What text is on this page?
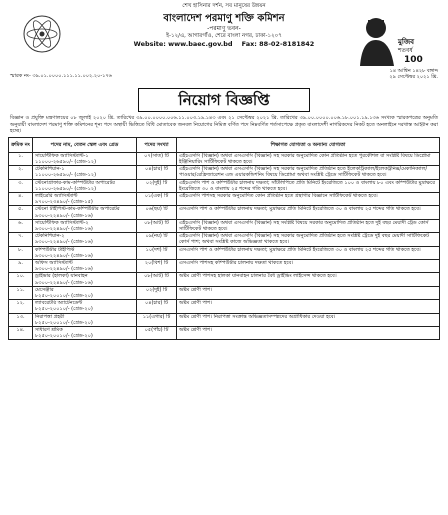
শেখ হাসিনার দর্শন, সব মানুষের উন্নয়ন
বাংলাদেশ পরমাণু শক্তি কমিশন
-পরমাণু ভবন-
ই-১২/এ, আগারগাঁও, শেরে বাংলা নগর, ঢাকা-১২০৭
Website: www.baec.gov.bd Fax: 88-02-8181842	মুজিব
শতবর্ষ
100
স্মারক নং- ৩৯.০১.০০০০.১১১.১১.০০২.২০-১৭৬
১৪ আশ্বিন ১৪২৮ বঙ্গাব্দ
২৯ সেপ্টেম্বর ২০২১ খ্রি.
নিয়োগ বিজ্ঞপ্তি
বিজ্ঞান ও প্রযুক্তি মন্ত্রণালয়ের ০৮ জুলাই ২০২০ খ্রি. তারিখের ৩৯.০০.০০০০.০০৬.১১.০০৩.১৯.১৪৩ এবং ২১ সেপ্টেম্বর ২০২১ খ্রি. তারিখের ৩৯.০০.০০০০.০০৬.১৮.০০১.১৯.১৩৬ সংখ্যক স্মারকপত্রের অনুমতি অনুযায়ী বাংলাদেশ পরমাণু শক্তি কমিশনের শূন্য পদে অস্থায়ী ভিত্তিতে বিধি মোতাবেক জনবল নিয়োগের নিমিত্ত বর্ণিত পদে নিম্নবর্ণিত শর্তসাপেক্ষে প্রকৃত বাংলাদেশী নাগরিকদের নিকট হতে অনলাইনে দরখাস্ত আহ্বান করা হচ্ছে।
ক্রমিক নং	পদের নাম, বেতন স্কেল এবং গ্রেড	পদের সংখ্যা	শিক্ষাগত যোগ্যতা ও অন্যান্য যোগ্যতা
১.	সায়েন্টিফিক অ্যাসিস্ট্যান্ট-১
১১০০০-২৬৫৯০/- (গ্রেড-১২)	০৭(সাত) টি	এইচএসসি (বিজ্ঞান) অথবা এসএসসি (বিজ্ঞান) সহ সরকার অনুমোদিত কোন প্রতিষ্ঠান হতে পুরকৌশল বা সংশ্লিষ্ট বিষয়ে ডিপ্লোমা ইঞ্জিনিয়ারিং সার্টিফিকেট থাকতে হবে।
২.	টেকনিশিয়ান-১
১১০০০-২৬৫৯০/- (গ্রেড-১২)	০৪(চার) টি	এইচএসসি (বিজ্ঞান) অথবা এসএসসি (বিজ্ঞান) সহ সরকার অনুমোদিত প্রতিষ্ঠান হতে ইলেকট্রিক্যাল/ইলেকট্রনিক্স/মেকানিক্যাল/পাওয়ার/রেফ্রিজারেশন এন্ড এয়ারকন্ডিশনিং বিষয়ে ডিপ্লোমা অথবা সংশ্লিষ্ট ট্রেডে সার্টিফিকেট থাকতে হবে।
৩.	স্টেনোগ্রাফার-কাম-কম্পিউটার অপারেটর
১১০০০-২৬৫৯০/- (গ্রেড-১২)	০২(দুই) টি	এইচএসসি পাশ ও কম্পিউটার চালনায় দক্ষতা; সাঁটলিপিতে প্রতি মিনিটে ইংরেজিতে ১০০ ও বাংলায় ৮০ এবং কম্পিউটার মুদ্রাক্ষরে ইংরেজিতে ৩০ ও বাংলায় ২৫ শব্দের গতি থাকতে হবে।
৪.	লাইব্রেরি অ্যাসিস্ট্যান্ট
৯৭০০-২৩৪৯০/- (গ্রেড-১৫)	০১(এক) টি	এইচএসসি পাশসহ সরকার অনুমোদিত কোন প্রতিষ্ঠান হতে গ্রন্থাগার বিজ্ঞানে সার্টিফিকেট থাকতে হবে।
৫.	স্টেনো টাইপিস্ট-কাম-কম্পিউটার অপারেটর
৯৩০০-২২৪৯০/- (গ্রেড-১৬)	০৬(ছয়) টি	এসএসসি পাশ ও কম্পিউটার চালনায় দক্ষতা; মুদ্রাক্ষরে প্রতি মিনিটে ইংরেজিতে ৩০ ও বাংলায় ২৫ শব্দের গতি থাকতে হবে।
৬.	সায়েন্টিফিক অ্যাসিস্ট্যান্ট-২
৯৩০০-২২৪৯০/- (গ্রেড-১৬)	০৮(আট) টি	এইচএসসি (বিজ্ঞান) অথবা এসএসসি (বিজ্ঞান) সহ সংশ্লিষ্ট বিষয়ে সরকার অনুমোদিত প্রতিষ্ঠান হতে দুই বছর মেয়াদী ট্রেড কোর্স সার্টিফিকেট থাকতে হবে।
৭.	টেকনিশিয়ান-২
৯৩০০-২২৪৯০/- (গ্রেড-১৬)	০৯(নয়) টি	এইচএসসি (বিজ্ঞান) অথবা এসএসসি (বিজ্ঞান) সহ সরকার অনুমোদিত প্রতিষ্ঠান হতে সংশ্লিষ্ট ট্রেডে দুই বছর মেয়াদী সার্টিফিকেট কোর্স পাশ; অথবা সংশ্লিষ্ট কাজে অভিজ্ঞতা থাকতে হবে।
৮.	কম্পিউটার টাইপিস্ট
৯৩০০-২২৪৯০/- (গ্রেড-১৬)	১০(দশ) টি	এসএসসি পাশ ও কম্পিউটার চালনায় দক্ষতা; মুদ্রাক্ষরে প্রতি মিনিটে ইংরেজিতে ৩০ ও বাংলায় ২৫ শব্দের গতি থাকতে হবে।
৯.	অফিস অ্যাসিস্ট্যান্ট
৯৩০০-২২৪৯০/- (গ্রেড-১৬)	২০(বিশ) টি	এসএসসি পাশসহ কম্পিউটার চালনায় দক্ষতা থাকতে হবে।
১০.	ড্রাইভার (হালকা) যানবাহন
৯৩০০-২২৪৯০/- (গ্রেড-১৬)	০৮(আট) টি	অষ্টম শ্রেণী পাশসহ হালকা যানবাহন চালনার বৈধ ড্রাইভিং লাইসেন্স থাকতে হবে।
১১.	মেসেঞ্জার
৮২৫০-২০০১০/- (গ্রেড-২০)	০২(দুই) টি	অষ্টম শ্রেণী পাশ।
১২.	ল্যাবরেটরি অ্যাটেনডেন্ট
৮২৫০-২০০১০/- (গ্রেড-২০)	০৪(চার) টি	অষ্টম শ্রেণী পাশ।
১৩.	নিরাপত্তা প্রহরী
৮২৫০-২০০১০/- (গ্রেড-২০)	১১(এগার) টি	অষ্টম শ্রেণী পাশ। নিরাপত্তা সংক্রান্ত অভিজ্ঞতাসম্পন্নদের অগ্রাধিকার দেওয়া হবে।
১৪.	সাধারণ শ্রমিক
৮২৫০-২০০১০/- (গ্রেড-২০)	০৫(পাঁচ) টি	অষ্টম শ্রেণী পাশ।
